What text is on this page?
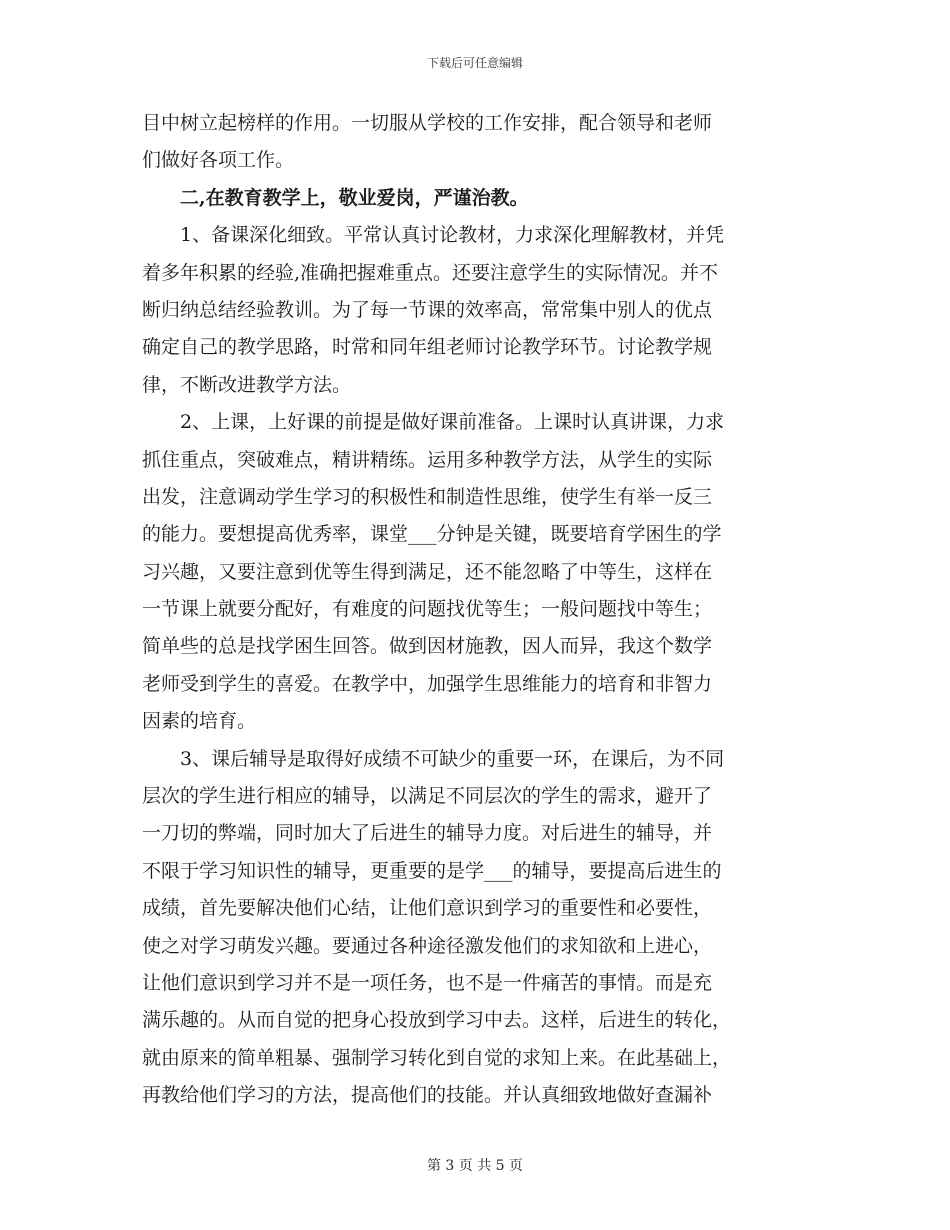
下载后可任意编辑
目中树立起榜样的作用。一切服从学校的工作安排，配合领导和老师
们做好各项工作。
二,在教育教学上，敬业爱岗，严谨治教。
1、备课深化细致。平常认真讨论教材，力求深化理解教材，并凭
着多年积累的经验,准确把握难重点。还要注意学生的实际情况。并不
断归纳总结经验教训。为了每一节课的效率高，常常集中别人的优点
确定自己的教学思路，时常和同年组老师讨论教学环节。讨论教学规
律，不断改进教学方法。
2、上课，上好课的前提是做好课前准备。上课时认真讲课，力求
抓住重点，突破难点，精讲精练。运用多种教学方法，从学生的实际
出发，注意调动学生学习的积极性和制造性思维，使学生有举一反三
的能力。要想提高优秀率，课堂___分钟是关键，既要培育学困生的学
习兴趣，又要注意到优等生得到满足，还不能忽略了中等生，这样在
一节课上就要分配好，有难度的问题找优等生；一般问题找中等生；
简单些的总是找学困生回答。做到因材施教，因人而异，我这个数学
老师受到学生的喜爱。在教学中，加强学生思维能力的培育和非智力
因素的培育。
3、课后辅导是取得好成绩不可缺少的重要一环，在课后，为不同
层次的学生进行相应的辅导，以满足不同层次的学生的需求，避开了
一刀切的弊端，同时加大了后进生的辅导力度。对后进生的辅导，并
不限于学习知识性的辅导，更重要的是学___的辅导，要提高后进生的
成绩，首先要解决他们心结，让他们意识到学习的重要性和必要性，
使之对学习萌发兴趣。要通过各种途径激发他们的求知欲和上进心，
让他们意识到学习并不是一项任务，也不是一件痛苦的事情。而是充
满乐趣的。从而自觉的把身心投放到学习中去。这样，后进生的转化，
就由原来的简单粗暴、强制学习转化到自觉的求知上来。在此基础上，
再教给他们学习的方法，提高他们的技能。并认真细致地做好查漏补
第 3 页 共 5 页
